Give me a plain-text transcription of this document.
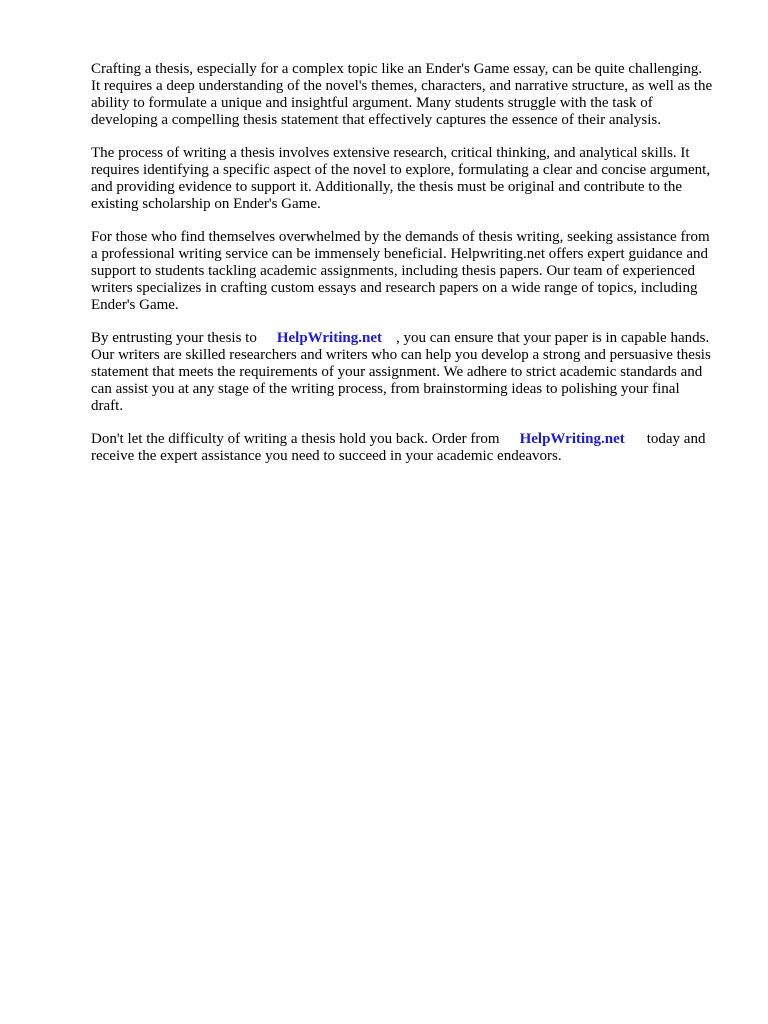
Crafting a thesis, especially for a complex topic like an Ender's Game essay, can be quite challenging. It requires a deep understanding of the novel's themes, characters, and narrative structure, as well as the ability to formulate a unique and insightful argument. Many students struggle with the task of developing a compelling thesis statement that effectively captures the essence of their analysis.

The process of writing a thesis involves extensive research, critical thinking, and analytical skills. It requires identifying a specific aspect of the novel to explore, formulating a clear and concise argument, and providing evidence to support it. Additionally, the thesis must be original and contribute to the existing scholarship on Ender's Game.

For those who find themselves overwhelmed by the demands of thesis writing, seeking assistance from a professional writing service can be immensely beneficial. Helpwriting.net offers expert guidance and support to students tackling academic assignments, including thesis papers. Our team of experienced writers specializes in crafting custom essays and research papers on a wide range of topics, including Ender's Game.

By entrusting your thesis to HelpWriting.net , you can ensure that your paper is in capable hands. Our writers are skilled researchers and writers who can help you develop a strong and persuasive thesis statement that meets the requirements of your assignment. We adhere to strict academic standards and can assist you at any stage of the writing process, from brainstorming ideas to polishing your final draft.

Don't let the difficulty of writing a thesis hold you back. Order from HelpWriting.net today and receive the expert assistance you need to succeed in your academic endeavors.
